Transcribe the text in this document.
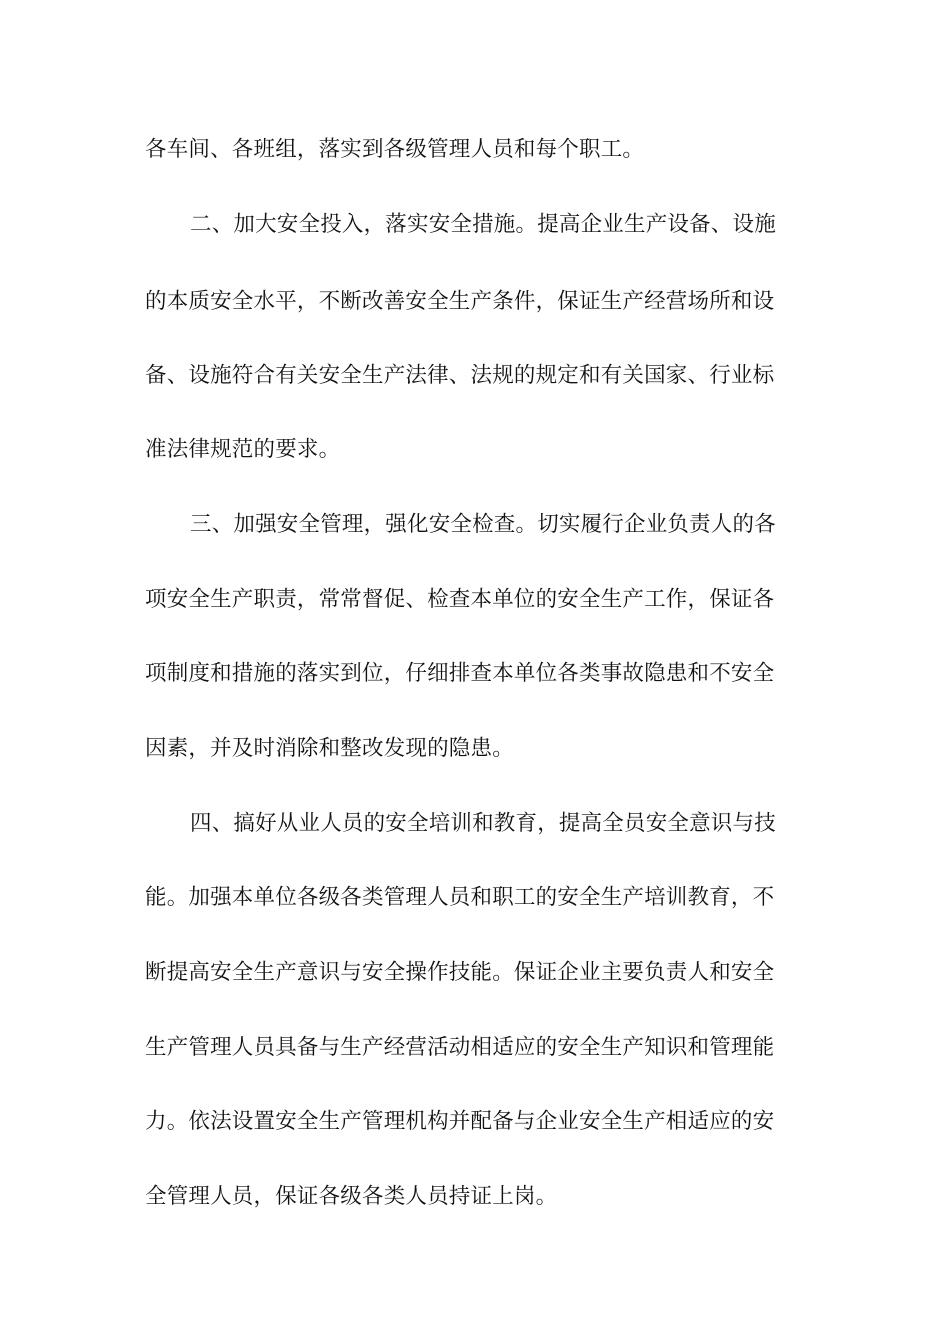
各车间、各班组，落实到各级管理人员和每个职工。
二、加大安全投入，落实安全措施。提高企业生产设备、设施
的本质安全水平，不断改善安全生产条件，保证生产经营场所和设
备、设施符合有关安全生产法律、法规的规定和有关国家、行业标
准法律规范的要求。
三、加强安全管理，强化安全检查。切实履行企业负责人的各
项安全生产职责，常常督促、检查本单位的安全生产工作，保证各
项制度和措施的落实到位，仔细排查本单位各类事故隐患和不安全
因素，并及时消除和整改发现的隐患。
四、搞好从业人员的安全培训和教育，提高全员安全意识与技
能。加强本单位各级各类管理人员和职工的安全生产培训教育，不
断提高安全生产意识与安全操作技能。保证企业主要负责人和安全
生产管理人员具备与生产经营活动相适应的安全生产知识和管理能
力。依法设置安全生产管理机构并配备与企业安全生产相适应的安
全管理人员，保证各级各类人员持证上岗。
